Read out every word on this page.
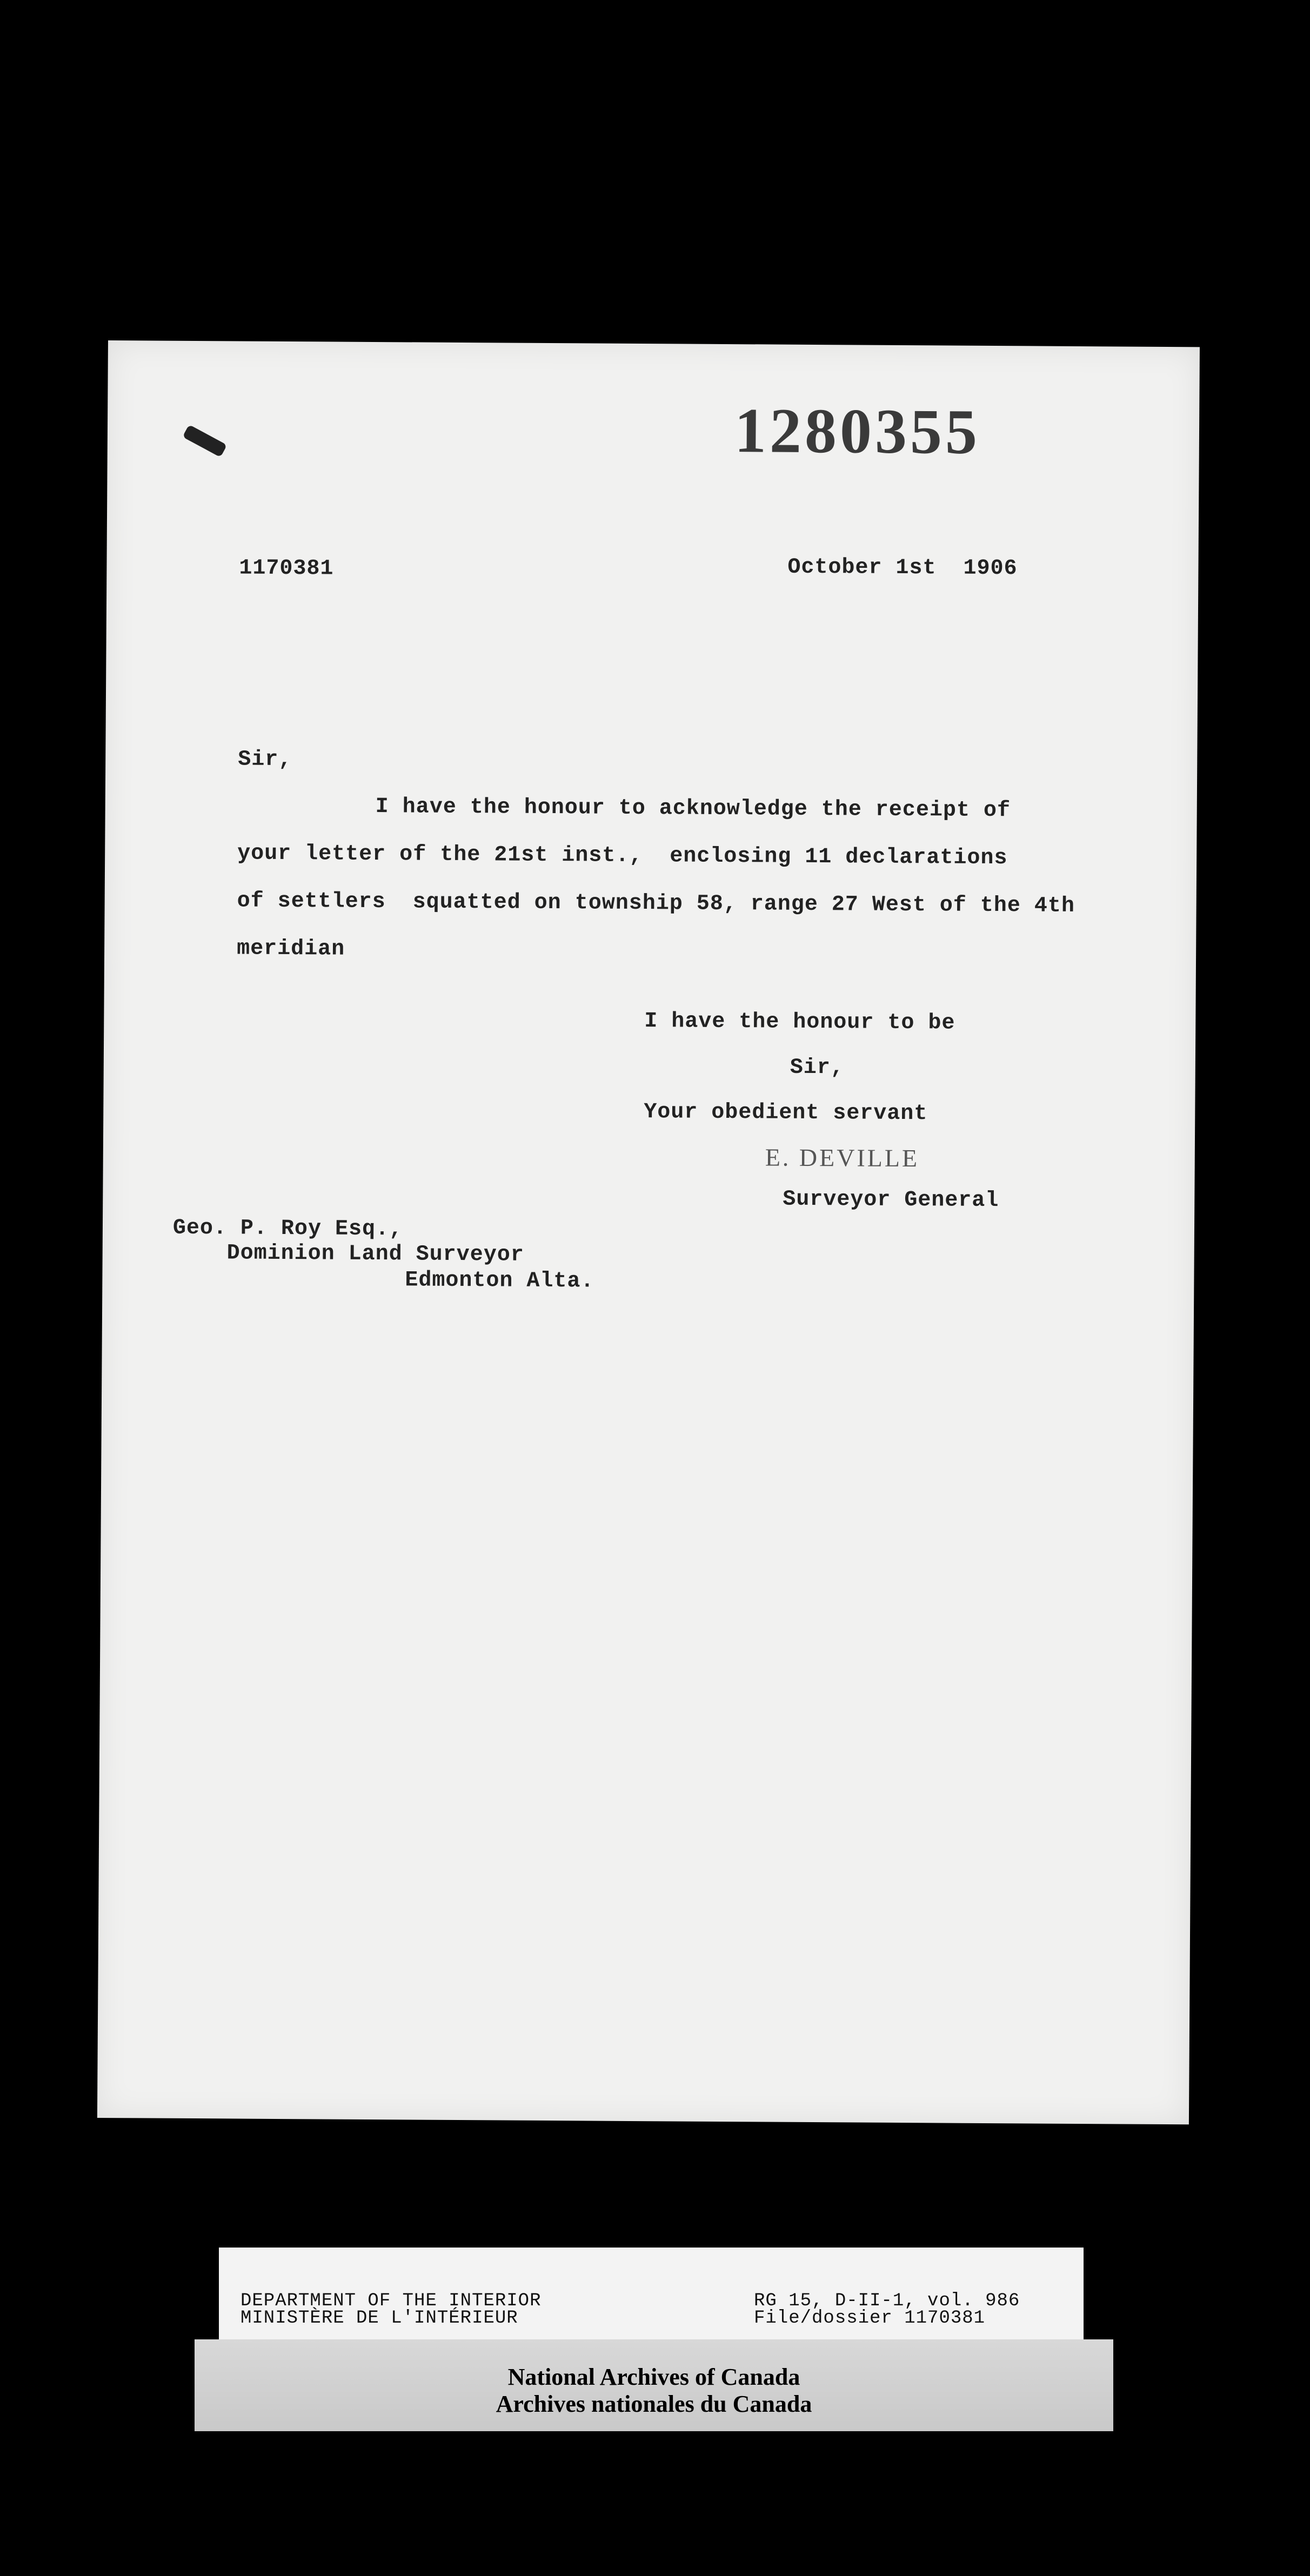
1280355
1170381	October 1st  1906
Sir,
I have the honour to acknowledge the receipt of
your letter of the 21st inst.,  enclosing 11 declarations
of settlers  squatted on township 58, range 27 West of the 4th
meridian
I have the honour to be
Sir,
Your obedient servant
E. DEVILLE
Surveyor General
Geo. P. Roy Esq.,
Dominion Land Surveyor
Edmonton Alta.
DEPARTMENT OF THE INTERIOR
MINISTÈRE DE L'INTÉRIEUR
RG 15, D-II-1, vol. 986
File/dossier 1170381
National Archives of Canada
Archives nationales du Canada
